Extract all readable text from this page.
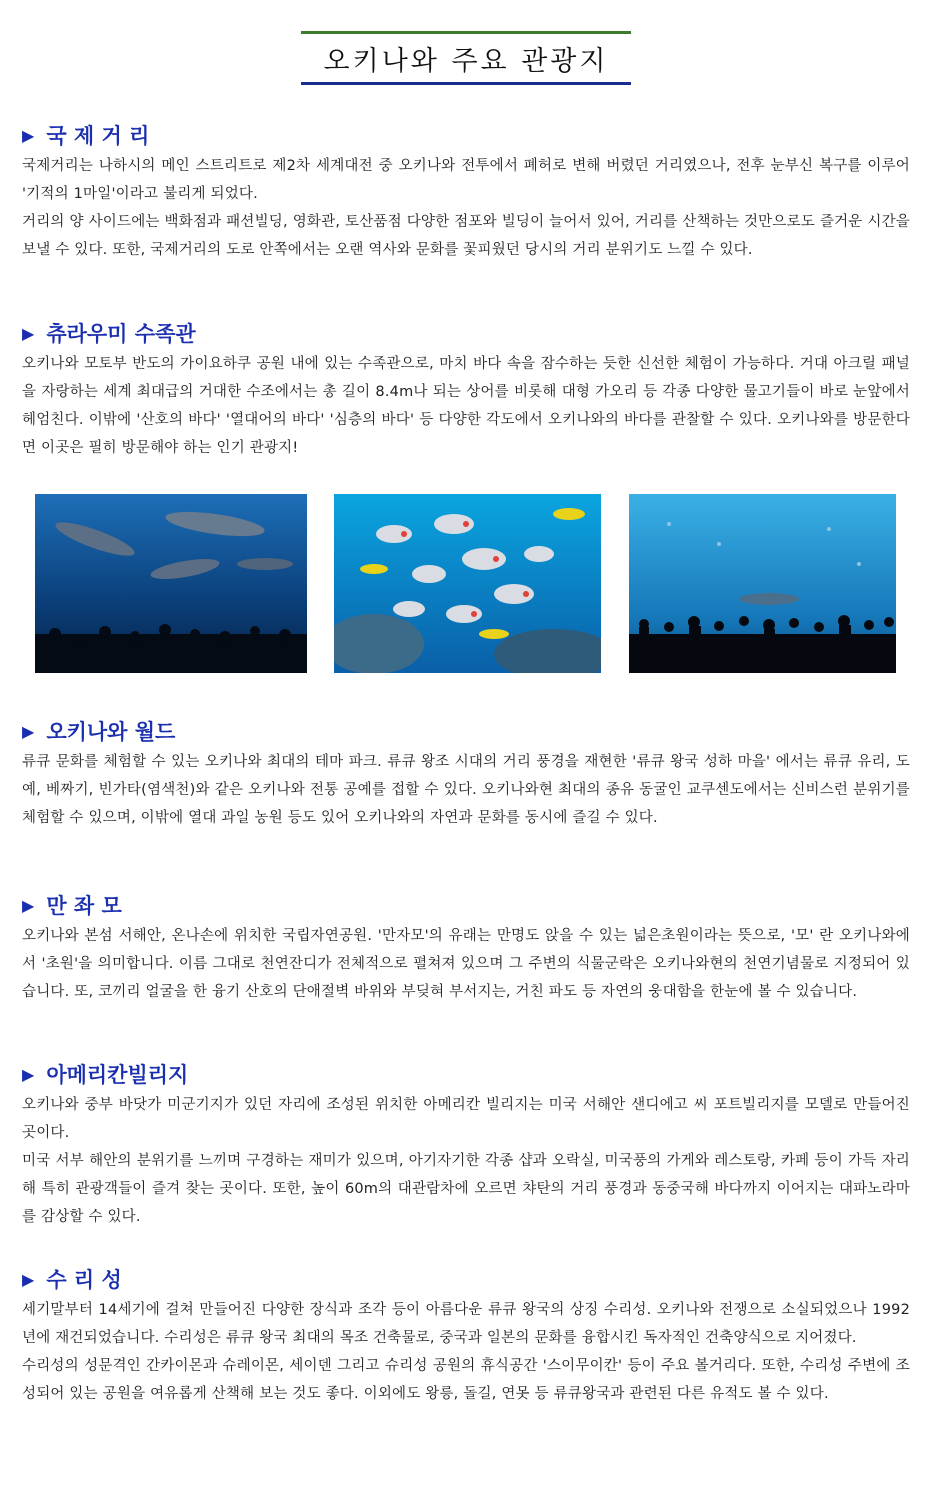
오키나와 주요 관광지
▶ 국 제 거 리

국제거리는 나하시의 메인 스트리트로 제2차 세계대전 중 오키나와 전투에서 폐허로 변해 버렸던 거리였으나, 전후 눈부신 복구를 이루어 '기적의 1마일'이라고 불리게 되었다.

거리의 양 사이드에는 백화점과 패션빌딩, 영화관, 토산품점 다양한 점포와 빌딩이 늘어서 있어, 거리를 산책하는 것만으로도 즐거운 시간을 보낼 수 있다. 또한, 국제거리의 도로 안쪽에서는 오랜 역사와 문화를 꽃피웠던 당시의 거리 분위기도 느낄 수 있다.

▶ 츄라우미 수족관

오키나와 모토부 반도의 가이요하쿠 공원 내에 있는 수족관으로, 마치 바다 속을 잠수하는 듯한 신선한 체험이 가능하다. 거대 아크릴 패널을 자랑하는 세계 최대급의 거대한 수조에서는 총 길이 8.4m나 되는 상어를 비롯해 대형 가오리 등 각종 다양한 물고기들이 바로 눈앞에서 헤엄친다. 이밖에 '산호의 바다' '열대어의 바다' '심층의 바다' 등 다양한 각도에서 오키나와의 바다를 관찰할 수 있다. 오키나와를 방문한다면 이곳은 필히 방문해야 하는 인기 관광지!

▶ 오키나와 월드

류큐 문화를 체험할 수 있는 오키나와 최대의 테마 파크. 류큐 왕조 시대의 거리 풍경을 재현한 '류큐 왕국 성하 마을' 에서는 류큐 유리, 도예, 베짜기, 빈가타(염색천)와 같은 오키나와 전통 공예를 접할 수 있다. 오키나와현 최대의 종유 동굴인 교쿠센도에서는 신비스런 분위기를 체험할 수 있으며, 이밖에 열대 과일 농원 등도 있어 오키나와의 자연과 문화를 동시에 즐길 수 있다.

▶ 만 좌 모

오키나와 본섬 서해안, 온나손에 위치한 국립자연공원. '만자모'의 유래는 만명도 앉을 수 있는 넓은초원이라는 뜻으로, '모' 란 오키나와에서 '초원'을 의미합니다. 이름 그대로 천연잔디가 전체적으로 펼쳐져 있으며 그 주변의 식물군락은 오키나와현의 천연기념물로 지정되어 있습니다. 또, 코끼리 얼굴을 한 융기 산호의 단애절벽 바위와 부딪혀 부서지는, 거친 파도 등 자연의 웅대함을 한눈에 볼 수 있습니다.

▶ 아메리칸빌리지

오키나와 중부 바닷가 미군기지가 있던 자리에 조성된 위치한 아메리칸 빌리지는 미국 서해안 샌디에고 씨 포트빌리지를 모델로 만들어진 곳이다.

미국 서부 해안의 분위기를 느끼며 구경하는 재미가 있으며, 아기자기한 각종 샵과 오락실, 미국풍의 가게와 레스토랑, 카페 등이 가득 자리해 특히 관광객들이 즐겨 찾는 곳이다. 또한, 높이 60m의 대관람차에 오르면 챠탄의 거리 풍경과 동중국해 바다까지 이어지는 대파노라마를 감상할 수 있다.

▶ 수 리 성

세기말부터 14세기에 걸쳐 만들어진 다양한 장식과 조각 등이 아름다운 류큐 왕국의 상징 수리성. 오키나와 전쟁으로 소실되었으나 1992년에 재건되었습니다. 수리성은 류큐 왕국 최대의 목조 건축물로, 중국과 일본의 문화를 융합시킨 독자적인 건축양식으로 지어졌다.

수리성의 성문격인 간카이몬과 슈레이몬, 세이덴 그리고 슈리성 공원의 휴식공간 '스이무이칸' 등이 주요 볼거리다. 또한, 수리성 주변에 조성되어 있는 공원을 여유롭게 산책해 보는 것도 좋다. 이외에도 왕릉, 돌길, 연못 등 류큐왕국과 관련된 다른 유적도 볼 수 있다.
